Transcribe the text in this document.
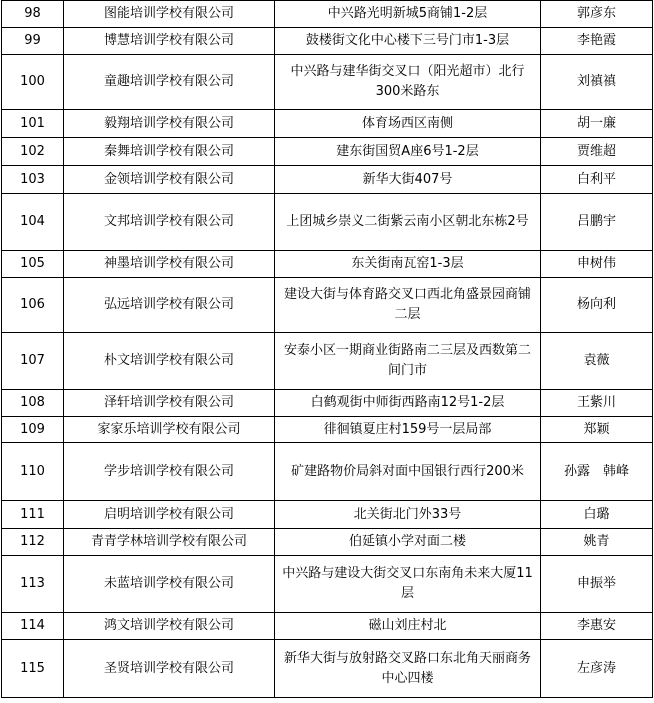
98	图能培训学校有限公司	中兴路光明新城5商铺1-2层	郭彦东
99	博慧培训学校有限公司	鼓楼街文化中心楼下三号门市1-3层	李艳霞
100	童趣培训学校有限公司	中兴路与建华街交叉口（阳光超市）北行300米路东	刘禛禛
101	毅翔培训学校有限公司	体育场西区南侧	胡一廉
102	秦舞培训学校有限公司	建东街国贸A座6号1-2层	贾维超
103	金领培训学校有限公司	新华大街407号	白利平
104	文邦培训学校有限公司	上团城乡崇义二街紫云南小区朝北东栋2号	吕鹏宇
105	神墨培训学校有限公司	东关街南瓦窑1-3层	申树伟
106	弘远培训学校有限公司	建设大街与体育路交叉口西北角盛景园商铺二层	杨向利
107	朴文培训学校有限公司	安泰小区一期商业街路南二三层及西数第二间门市	袁薇
108	泽轩培训学校有限公司	白鹤观街中师街西路南12号1-2层	王紫川
109	家家乐培训学校有限公司	徘徊镇夏庄村159号一层局部	郑颖
110	学步培训学校有限公司	矿建路物价局斜对面中国银行西行200米	孙露　韩峰
111	启明培训学校有限公司	北关街北门外33号	白璐
112	青青学林培训学校有限公司	伯延镇小学对面二楼	姚青
113	未蓝培训学校有限公司	中兴路与建设大街交叉口东南角未来大厦11层	申振举
114	鸿文培训学校有限公司	磁山刘庄村北	李惠安
115	圣贤培训学校有限公司	新华大街与放射路交叉路口东北角天丽商务中心四楼	左彦涛
